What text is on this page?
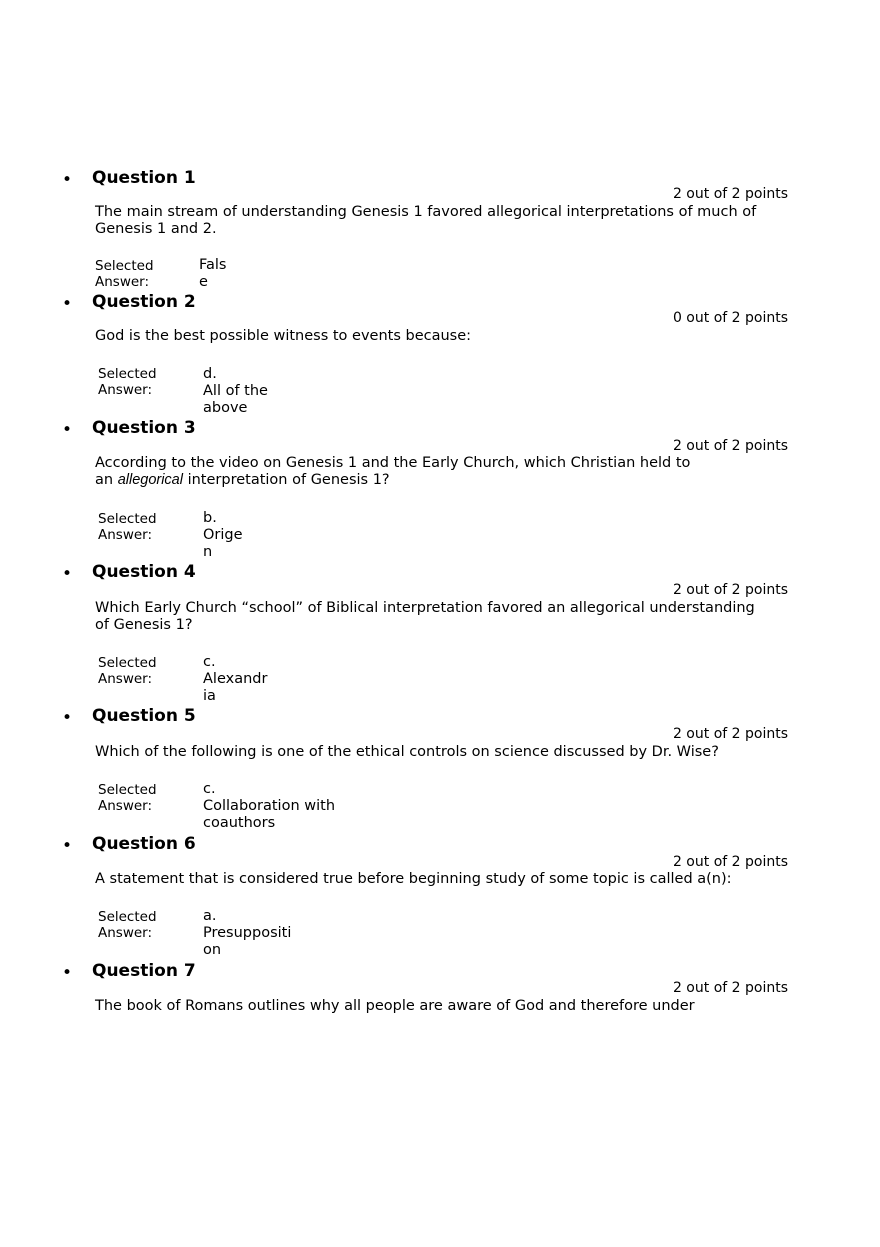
• Question 1
2 out of 2 points
The main stream of understanding Genesis 1 favored allegorical interpretations of much of Genesis 1 and 2.
Selected Answer:
Fals
e
• Question 2
0 out of 2 points
God is the best possible witness to events because:
Selected Answer:
d.
All of the
above
• Question 3
2 out of 2 points
According to the video on Genesis 1 and the Early Church, which Christian held to
an allegorical interpretation of Genesis 1?
Selected Answer:
b.
Orige
n
• Question 4
2 out of 2 points
Which Early Church “school” of Biblical interpretation favored an allegorical understanding of Genesis 1?
Selected Answer:
c.
Alexandr
ia
• Question 5
2 out of 2 points
Which of the following is one of the ethical controls on science discussed by Dr. Wise?
Selected Answer:
c.
Collaboration with
coauthors
• Question 6
2 out of 2 points
A statement that is considered true before beginning study of some topic is called a(n):
Selected Answer:
a.
Presuppositi
on
• Question 7
2 out of 2 points
The book of Romans outlines why all people are aware of God and therefore under
